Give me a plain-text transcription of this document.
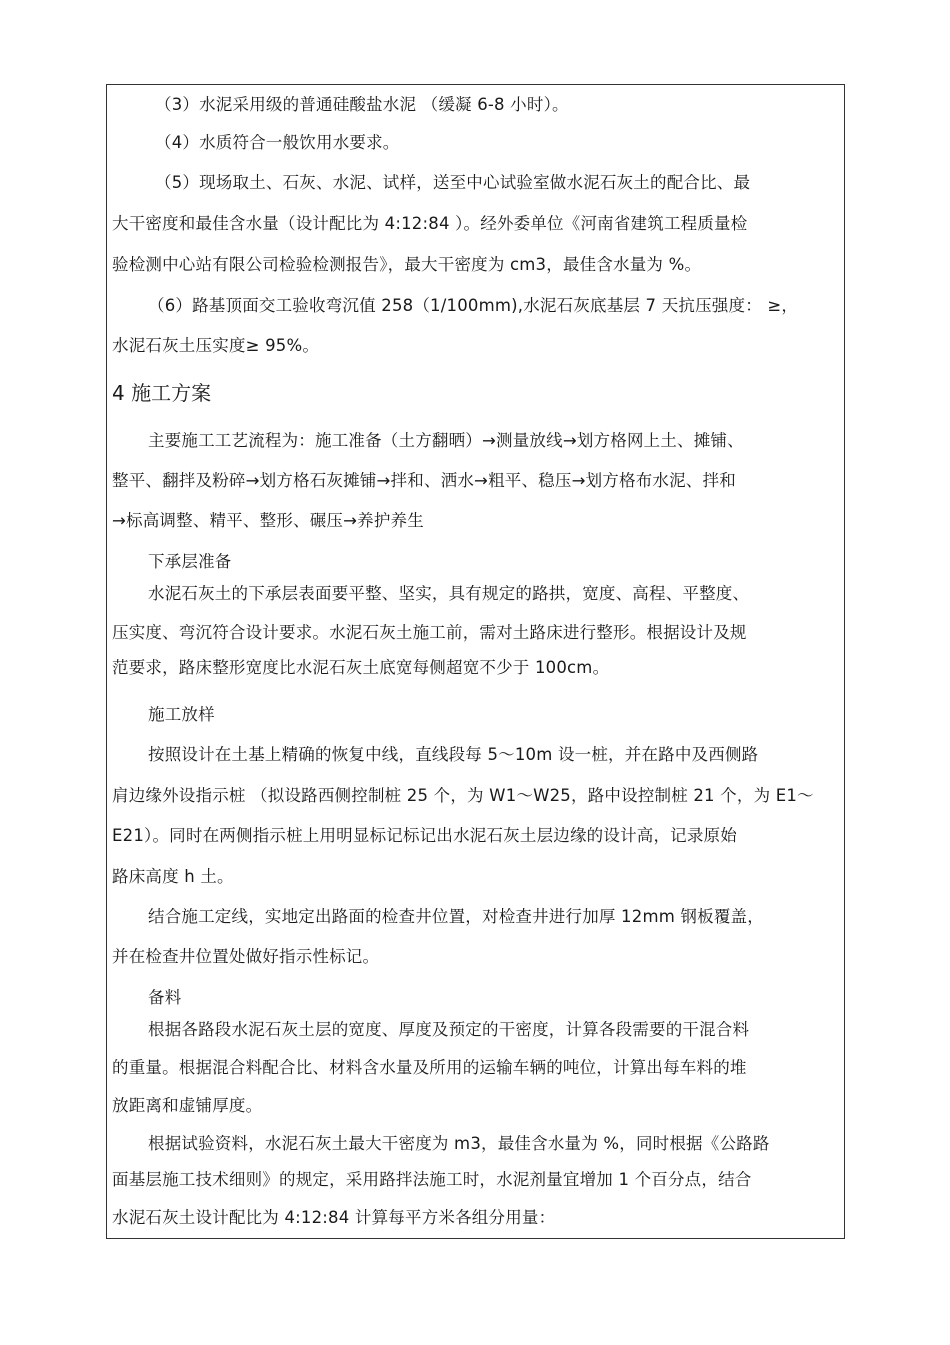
（3）水泥采用级的普通硅酸盐水泥 （缓凝 6-8 小时）。
（4）水质符合一般饮用水要求。
（5）现场取土、石灰、水泥、试样，送至中心试验室做水泥石灰土的配合比、最
大干密度和最佳含水量（设计配比为 4:12:84 ）。经外委单位《河南省建筑工程质量检
验检测中心站有限公司检验检测报告》，最大干密度为 cm3，最佳含水量为 %。
（6）路基顶面交工验收弯沉值 258（1/100mm),水泥石灰底基层 7 天抗压强度： ≥，
水泥石灰土压实度≥ 95%。
4 施工方案
主要施工工艺流程为：施工准备（土方翻晒）→测量放线→划方格网上土、摊铺、
整平、翻拌及粉碎→划方格石灰摊铺→拌和、洒水→粗平、稳压→划方格布水泥、拌和
→标高调整、精平、整形、碾压→养护养生
下承层准备
水泥石灰土的下承层表面要平整、坚实，具有规定的路拱，宽度、高程、平整度、
压实度、弯沉符合设计要求。水泥石灰土施工前，需对土路床进行整形。根据设计及规
范要求，路床整形宽度比水泥石灰土底宽每侧超宽不少于 100cm。
施工放样
按照设计在土基上精确的恢复中线，直线段每 5～10m 设一桩，并在路中及西侧路
肩边缘外设指示桩 （拟设路西侧控制桩 25 个，为 W1～W25，路中设控制桩 21 个，为 E1～
E21）。同时在两侧指示桩上用明显标记标记出水泥石灰土层边缘的设计高，记录原始
路床高度 h 土。
结合施工定线，实地定出路面的检查井位置，对检查井进行加厚 12mm 钢板覆盖，
并在检查井位置处做好指示性标记。
备料
根据各路段水泥石灰土层的宽度、厚度及预定的干密度，计算各段需要的干混合料
的重量。根据混合料配合比、材料含水量及所用的运输车辆的吨位，计算出每车料的堆
放距离和虚铺厚度。
根据试验资料，水泥石灰土最大干密度为 m3，最佳含水量为 %，同时根据《公路路
面基层施工技术细则》的规定，采用路拌法施工时，水泥剂量宜增加 1 个百分点，结合
水泥石灰土设计配比为 4:12:84 计算每平方米各组分用量：
